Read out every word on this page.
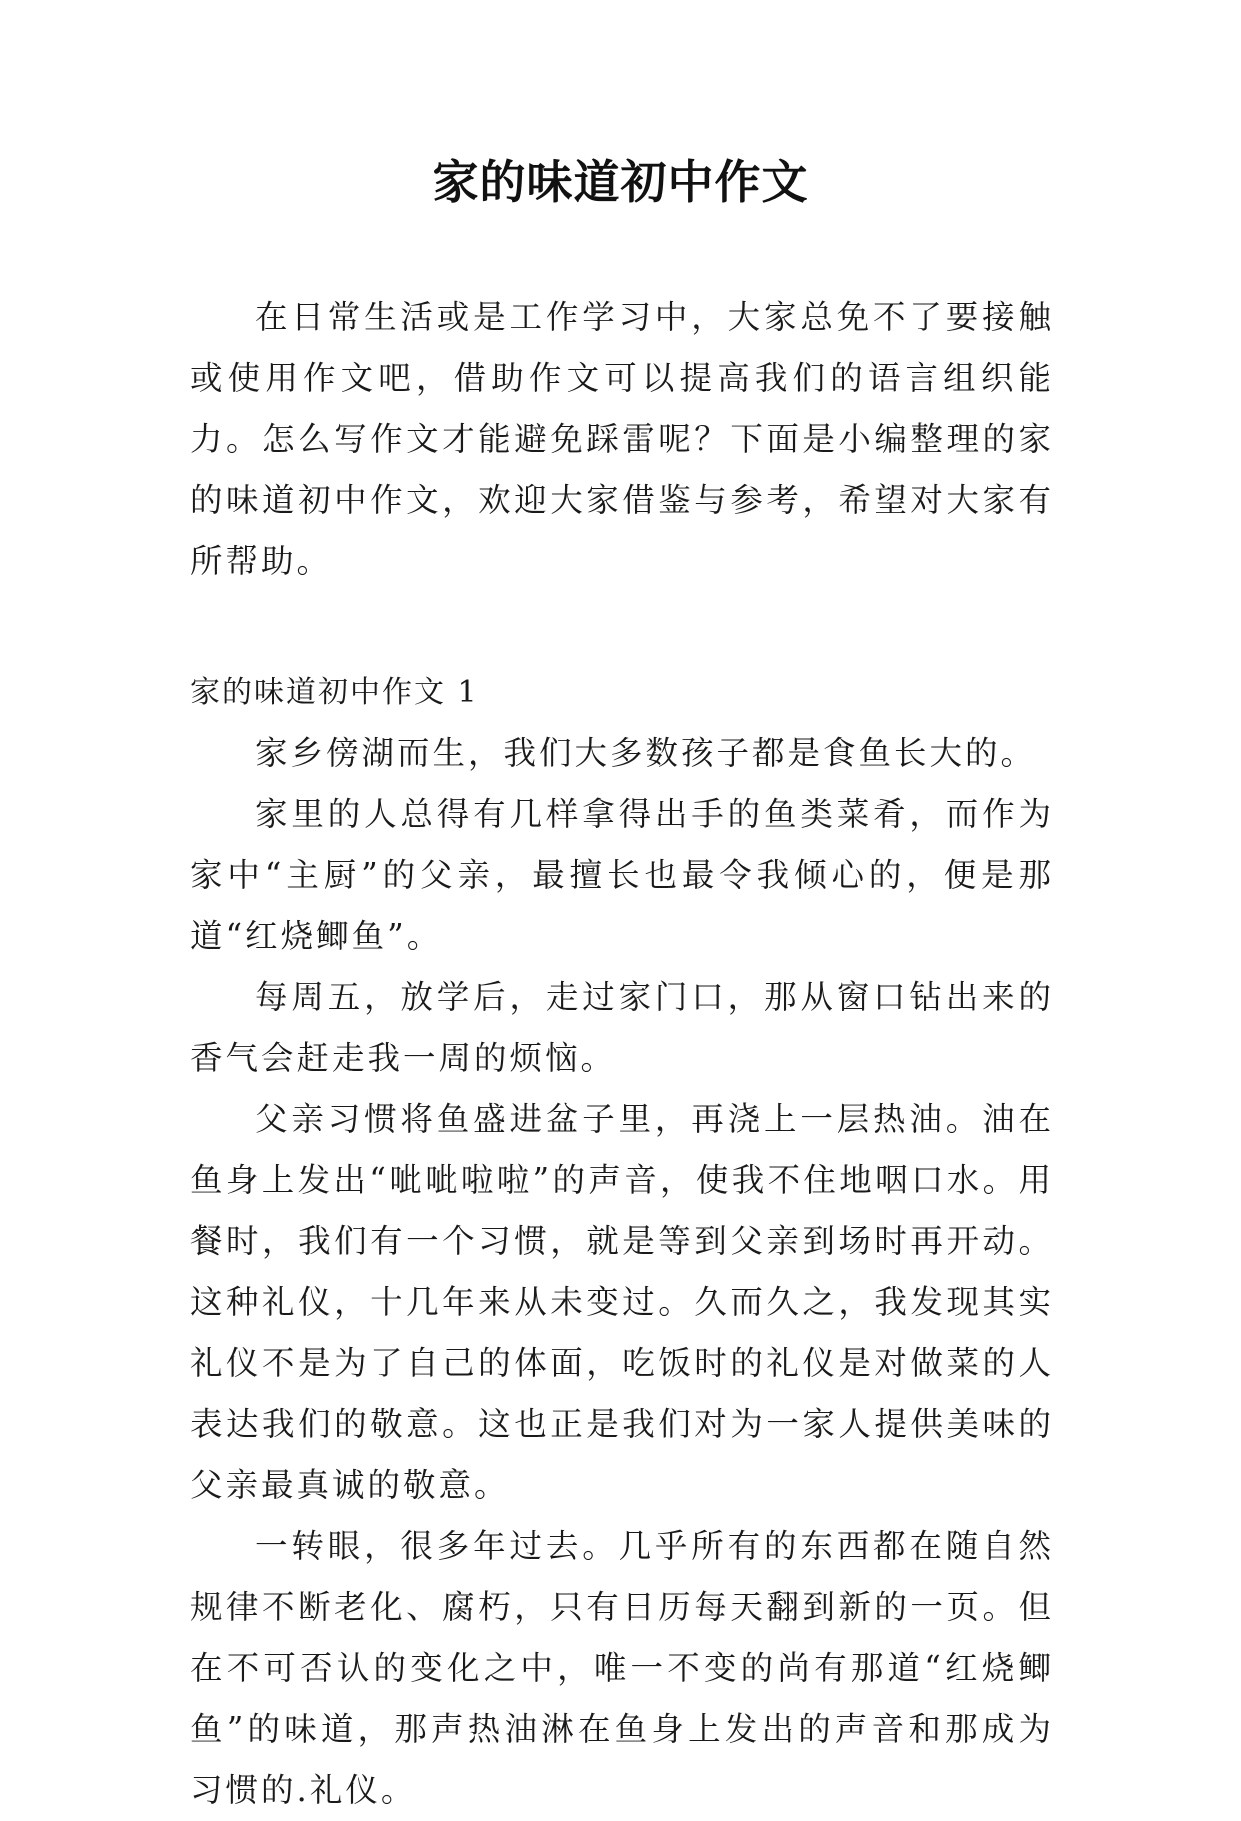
家的味道初中作文

在日常生活或是工作学习中，大家总免不了要接触或使用作文吧，借助作文可以提高我们的语言组织能力。怎么写作文才能避免踩雷呢？下面是小编整理的家的味道初中作文，欢迎大家借鉴与参考，希望对大家有所帮助。

家的味道初中作文 1

家乡傍湖而生，我们大多数孩子都是食鱼长大的。

家里的人总得有几样拿得出手的鱼类菜肴，而作为家中“主厨”的父亲，最擅长也最令我倾心的，便是那道“红烧鲫鱼”。

每周五，放学后，走过家门口，那从窗口钻出来的香气会赶走我一周的烦恼。

父亲习惯将鱼盛进盆子里，再浇上一层热油。油在鱼身上发出“呲呲啦啦”的声音，使我不住地咽口水。用餐时，我们有一个习惯，就是等到父亲到场时再开动。这种礼仪，十几年来从未变过。久而久之，我发现其实礼仪不是为了自己的体面，吃饭时的礼仪是对做菜的人表达我们的敬意。这也正是我们对为一家人提供美味的父亲最真诚的敬意。

一转眼，很多年过去。几乎所有的东西都在随自然规律不断老化、腐朽，只有日历每天翻到新的一页。但在不可否认的变化之中，唯一不变的尚有那道“红烧鲫鱼”的味道，那声热油淋在鱼身上发出的声音和那成为习惯的.礼仪。
